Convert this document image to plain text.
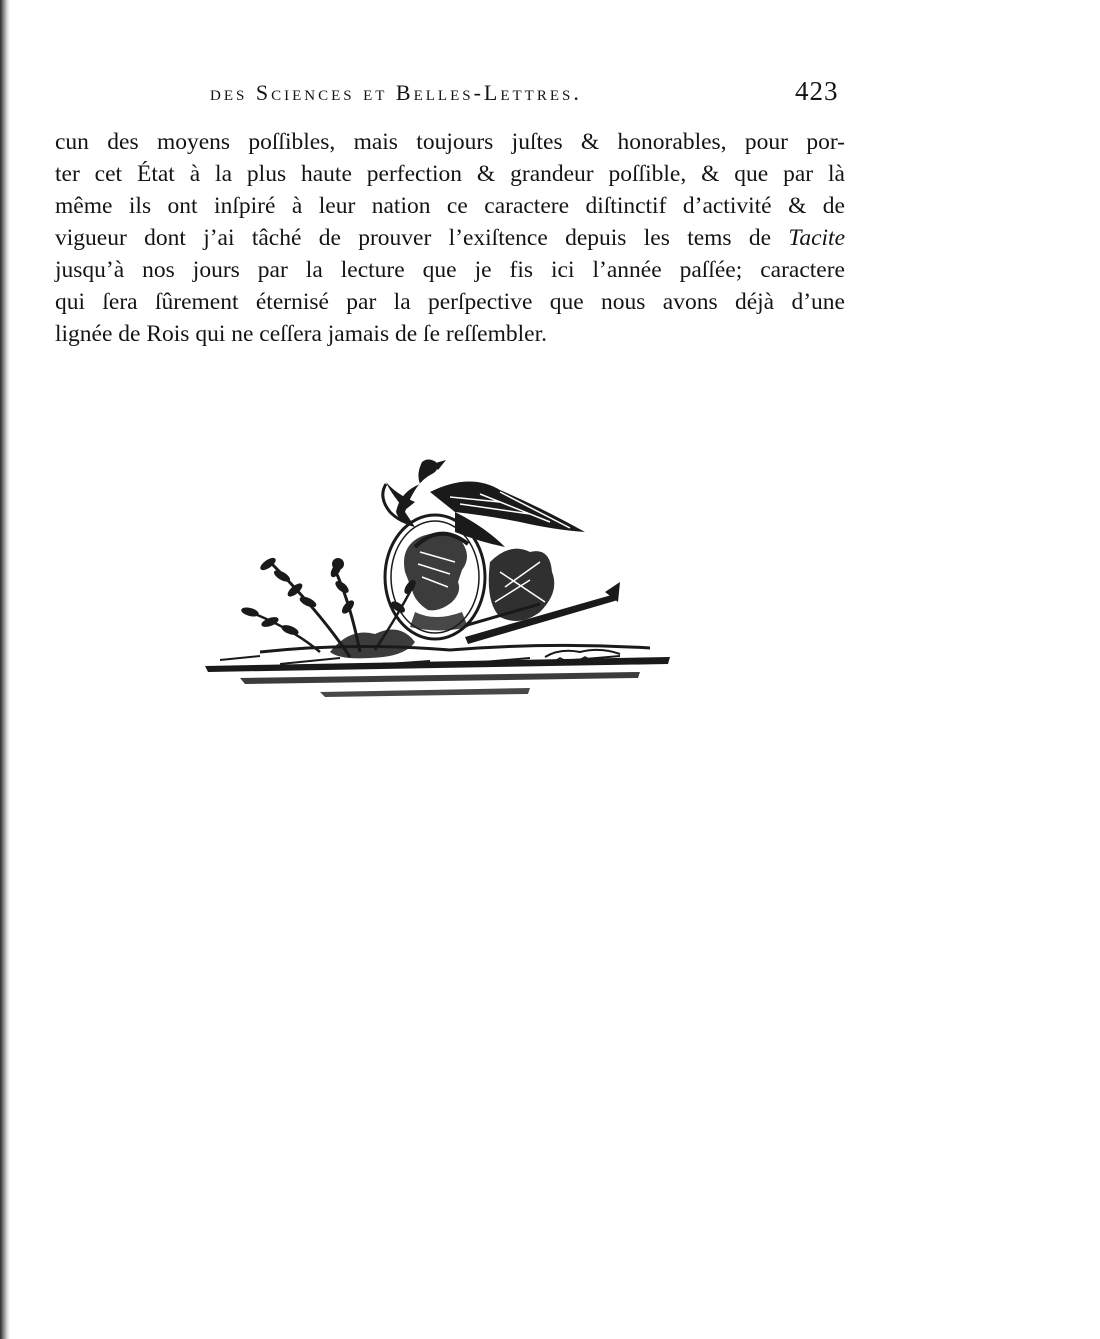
des Sciences et Belles-Lettres.	423
cun des moyens poſſibles, mais toujours juſtes & honorables, pour por-
ter cet État à la plus haute perfection & grandeur poſſible, & que par là
même ils ont inſpiré à leur nation ce caractere diſtinctif d’activité & de
vigueur dont j’ai tâché de prouver l’exiſtence depuis les tems de Tacite
jusqu’à nos jours par la lecture que je fis ici l’année paſſée; caractere
qui ſera ſûrement éternisé par la perſpective que nous avons déjà d’une
lignée de Rois qui ne ceſſera jamais de ſe reſſembler.
